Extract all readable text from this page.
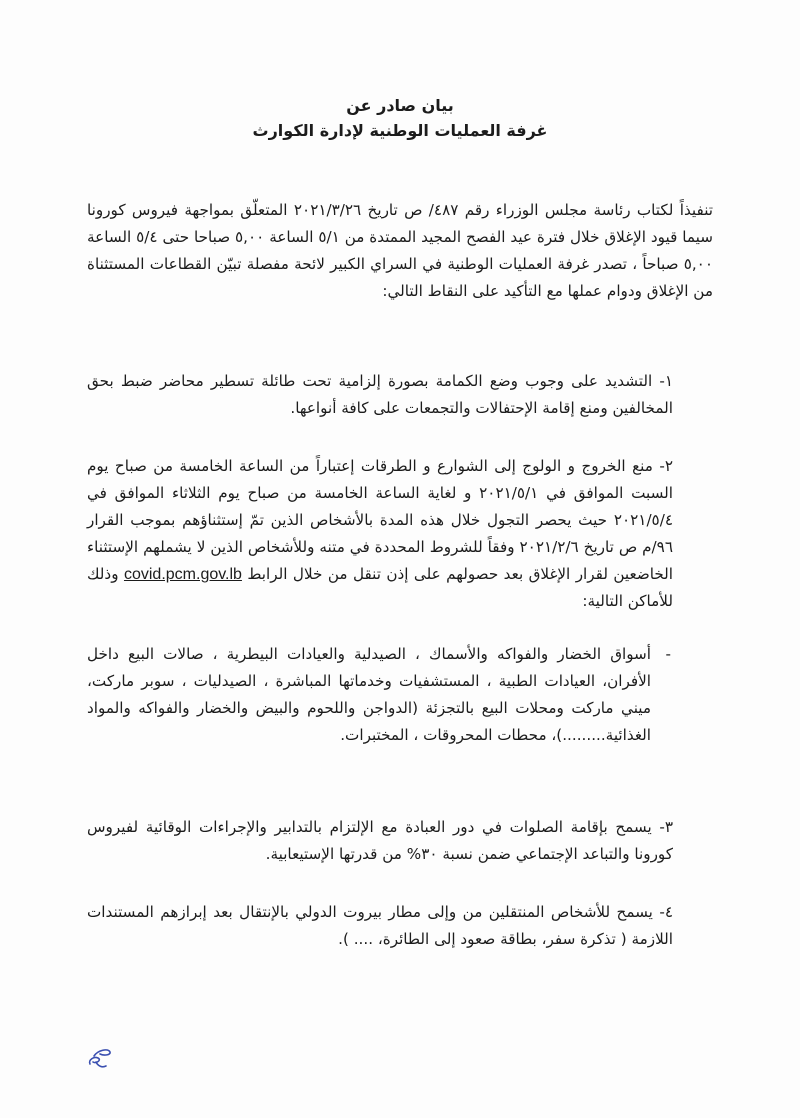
بيان صادر عن
غرفة العمليات الوطنية لإدارة الكوارث

تنفيذاً لكتاب رئاسة مجلس الوزراء رقم ٤٨٧/ ص تاريخ ٢٠٢١/٣/٢٦ المتعلّق بمواجهة فيروس كورونا سيما قيود الإغلاق خلال فترة عيد الفصح المجيد الممتدة من ٥/١ الساعة ٥,٠٠ صباحا حتى ٥/٤ الساعة ٥,٠٠ صباحاً ، تصدر غرفة العمليات الوطنية في السراي الكبير لائحة مفصلة تبيّن القطاعات المستثناة من الإغلاق ودوام عملها مع التأكيد على النقاط التالي:

١- التشديد على وجوب وضع الكمامة بصورة إلزامية تحت طائلة تسطير محاضر ضبط بحق المخالفين ومنع إقامة الإحتفالات والتجمعات على كافة أنواعها.

٢- منع الخروج و الولوج إلى الشوارع و الطرقات إعتباراً من الساعة الخامسة من صباح يوم السبت الموافق في ٢٠٢١/٥/١ و لغاية الساعة الخامسة من صباح يوم الثلاثاء الموافق في ٢٠٢١/٥/٤ حيث يحصر التجول خلال هذه المدة بالأشخاص الذين تمّ إستثناؤهم بموجب القرار ٩٦/م ص تاريخ ٢٠٢١/٢/٦ وفقاً للشروط المحددة في متنه وللأشخاص الذين لا يشملهم الإستثناء الخاضعين لقرار الإغلاق بعد حصولهم على إذن تنقل من خلال الرابط covid.pcm.gov.lb وذلك للأماكن التالية:

-
أسواق الخضار والفواكه والأسماك ، الصيدلية والعيادات البيطرية ، صالات البيع داخل الأفران، العيادات الطبية ، المستشفيات وخدماتها المباشرة ، الصيدليات ، سوبر ماركت، ميني ماركت ومحلات البيع بالتجزئة (الدواجن واللحوم والبيض والخضار والفواكه والمواد الغذائية.........)، محطات المحروقات ، المختبرات.

٣- يسمح بإقامة الصلوات في دور العبادة مع الإلتزام بالتدابير والإجراءات الوقائية لفيروس كورونا والتباعد الإجتماعي ضمن نسبة ٣٠% من قدرتها الإستيعابية.

٤- يسمح للأشخاص المنتقلين من وإلى مطار بيروت الدولي بالإنتقال بعد إبرازهم المستندات اللازمة ( تذكرة سفر، بطاقة صعود إلى الطائرة، .... ).
